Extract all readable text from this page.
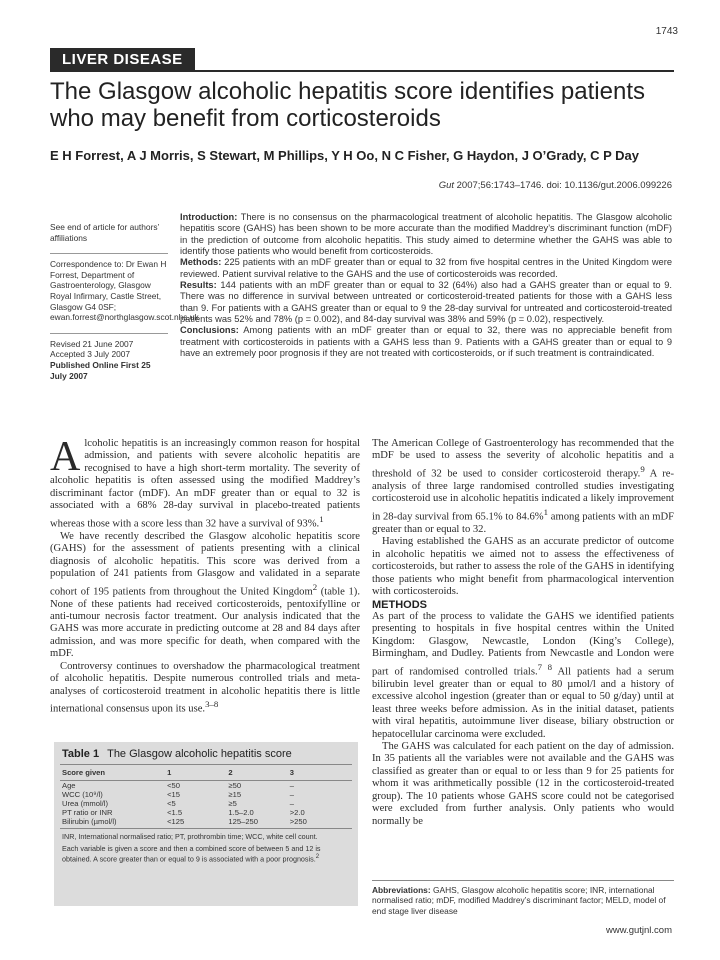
1743
LIVER DISEASE
The Glasgow alcoholic hepatitis score identifies patients who may benefit from corticosteroids
E H Forrest, A J Morris, S Stewart, M Phillips, Y H Oo, N C Fisher, G Haydon, J O’Grady, C P Day
Gut 2007;56:1743–1746. doi: 10.1136/gut.2006.099226

See end of article for authors’ affiliations

Correspondence to: Dr Ewan H Forrest, Department of Gastroenterology, Glasgow Royal Infirmary, Castle Street, Glasgow G4 0SF; ewan.forrest@northglasgow.scot.nhs.uk

Revised 21 June 2007

Accepted 3 July 2007

Published Online First 25 July 2007

Introduction: There is no consensus on the pharmacological treatment of alcoholic hepatitis. The Glasgow alcoholic hepatitis score (GAHS) has been shown to be more accurate than the modified Maddrey’s discriminant function (mDF) in the prediction of outcome from alcoholic hepatitis. This study aimed to determine whether the GAHS was able to identify those patients who would benefit from corticosteroids.

Methods: 225 patients with an mDF greater than or equal to 32 from five hospital centres in the United Kingdom were reviewed. Patient survival relative to the GAHS and the use of corticosteroids was recorded.

Results: 144 patients with an mDF greater than or equal to 32 (64%) also had a GAHS greater than or equal to 9. There was no difference in survival between untreated or corticosteroid-treated patients for those with a GAHS less than 9. For patients with a GAHS greater than or equal to 9 the 28-day survival for untreated and corticosteroid-treated patients was 52% and 78% (p = 0.002), and 84-day survival was 38% and 59% (p = 0.02), respectively.

Conclusions: Among patients with an mDF greater than or equal to 32, there was no appreciable benefit from treatment with corticosteroids in patients with a GAHS less than 9. Patients with a GAHS greater than or equal to 9 have an extremely poor prognosis if they are not treated with corticosteroids, or if such treatment is contraindicated.

Alcoholic hepatitis is an increasingly common reason for hospital admission, and patients with severe alcoholic hepatitis are recognised to have a high short-term mortality. The severity of alcoholic hepatitis is often assessed using the modified Maddrey’s discriminant factor (mDF). An mDF greater than or equal to 32 is associated with a 68% 28-day survival in placebo-treated patients whereas those with a score less than 32 have a survival of 93%.$^1$

We have recently described the Glasgow alcoholic hepatitis score (GAHS) for the assessment of patients presenting with a clinical diagnosis of alcoholic hepatitis. This score was derived from a population of 241 patients from Glasgow and validated in a separate cohort of 195 patients from throughout the United Kingdom$^2$ (table 1). None of these patients had received corticosteroids, pentoxifylline or anti-tumour necrosis factor treatment. Our analysis indicated that the GAHS was more accurate in predicting outcome at 28 and 84 days after admission, and was more specific for death, when compared with the mDF.

Controversy continues to overshadow the pharmacological treatment of alcoholic hepatitis. Despite numerous controlled trials and meta-analyses of corticosteroid treatment in alcoholic hepatitis there is little international consensus upon its use.$^{3-8}$

Table 1 The Glasgow alcoholic hepatitis score
Score given	1	2	3
Age	<50	≥50	–
WCC (10⁹/l)	<15	≥15	–
Urea (mmol/l)	<5	≥5	–
PT ratio or INR	<1.5	1.5–2.0	>2.0
Bilirubin (µmol/l)	<125	125–250	>250

INR, International normalised ratio; PT, prothrombin time; WCC, white cell count.

Each variable is given a score and then a combined score of between 5 and 12 is obtained. A score greater than or equal to 9 is associated with a poor prognosis.$^2$

The American College of Gastroenterology has recommended that the mDF be used to assess the severity of alcoholic hepatitis and a threshold of 32 be used to consider corticosteroid therapy.$^9$ A re-analysis of three large randomised controlled studies investigating corticosteroid use in alcoholic hepatitis indicated a likely improvement in 28-day survival from 65.1% to 84.6%$^1$ among patients with an mDF greater than or equal to 32.

Having established the GAHS as an accurate predictor of outcome in alcoholic hepatitis we aimed not to assess the effectiveness of corticosteroids, but rather to assess the role of the GAHS in identifying those patients who might benefit from pharmacological intervention with corticosteroids.

METHODS

As part of the process to validate the GAHS we identified patients presenting to hospitals in five hospital centres within the United Kingdom: Glasgow, Newcastle, London (King’s College), Birmingham, and Dudley. Patients from Newcastle and London were part of randomised controlled trials.$^{7 8}$ All patients had a serum bilirubin level greater than or equal to 80 µmol/l and a history of excessive alcohol ingestion (greater than or equal to 50 g/day) until at least three weeks before admission. As in the initial dataset, patients with viral hepatitis, autoimmune liver disease, biliary obstruction or hepatocellular carcinoma were excluded.

The GAHS was calculated for each patient on the day of admission. In 35 patients all the variables were not available and the GAHS was classified as greater than or equal to or less than 9 for 25 patients for whom it was arithmetically possible (12 in the corticosteroid-treated group). The 10 patients whose GAHS score could not be categorised were excluded from further analysis. Only patients who would normally be

Abbreviations: GAHS, Glasgow alcoholic hepatitis score; INR, international normalised ratio; mDF, modified Maddrey’s discriminant factor; MELD, model of end stage liver disease
www.gutjnl.com
